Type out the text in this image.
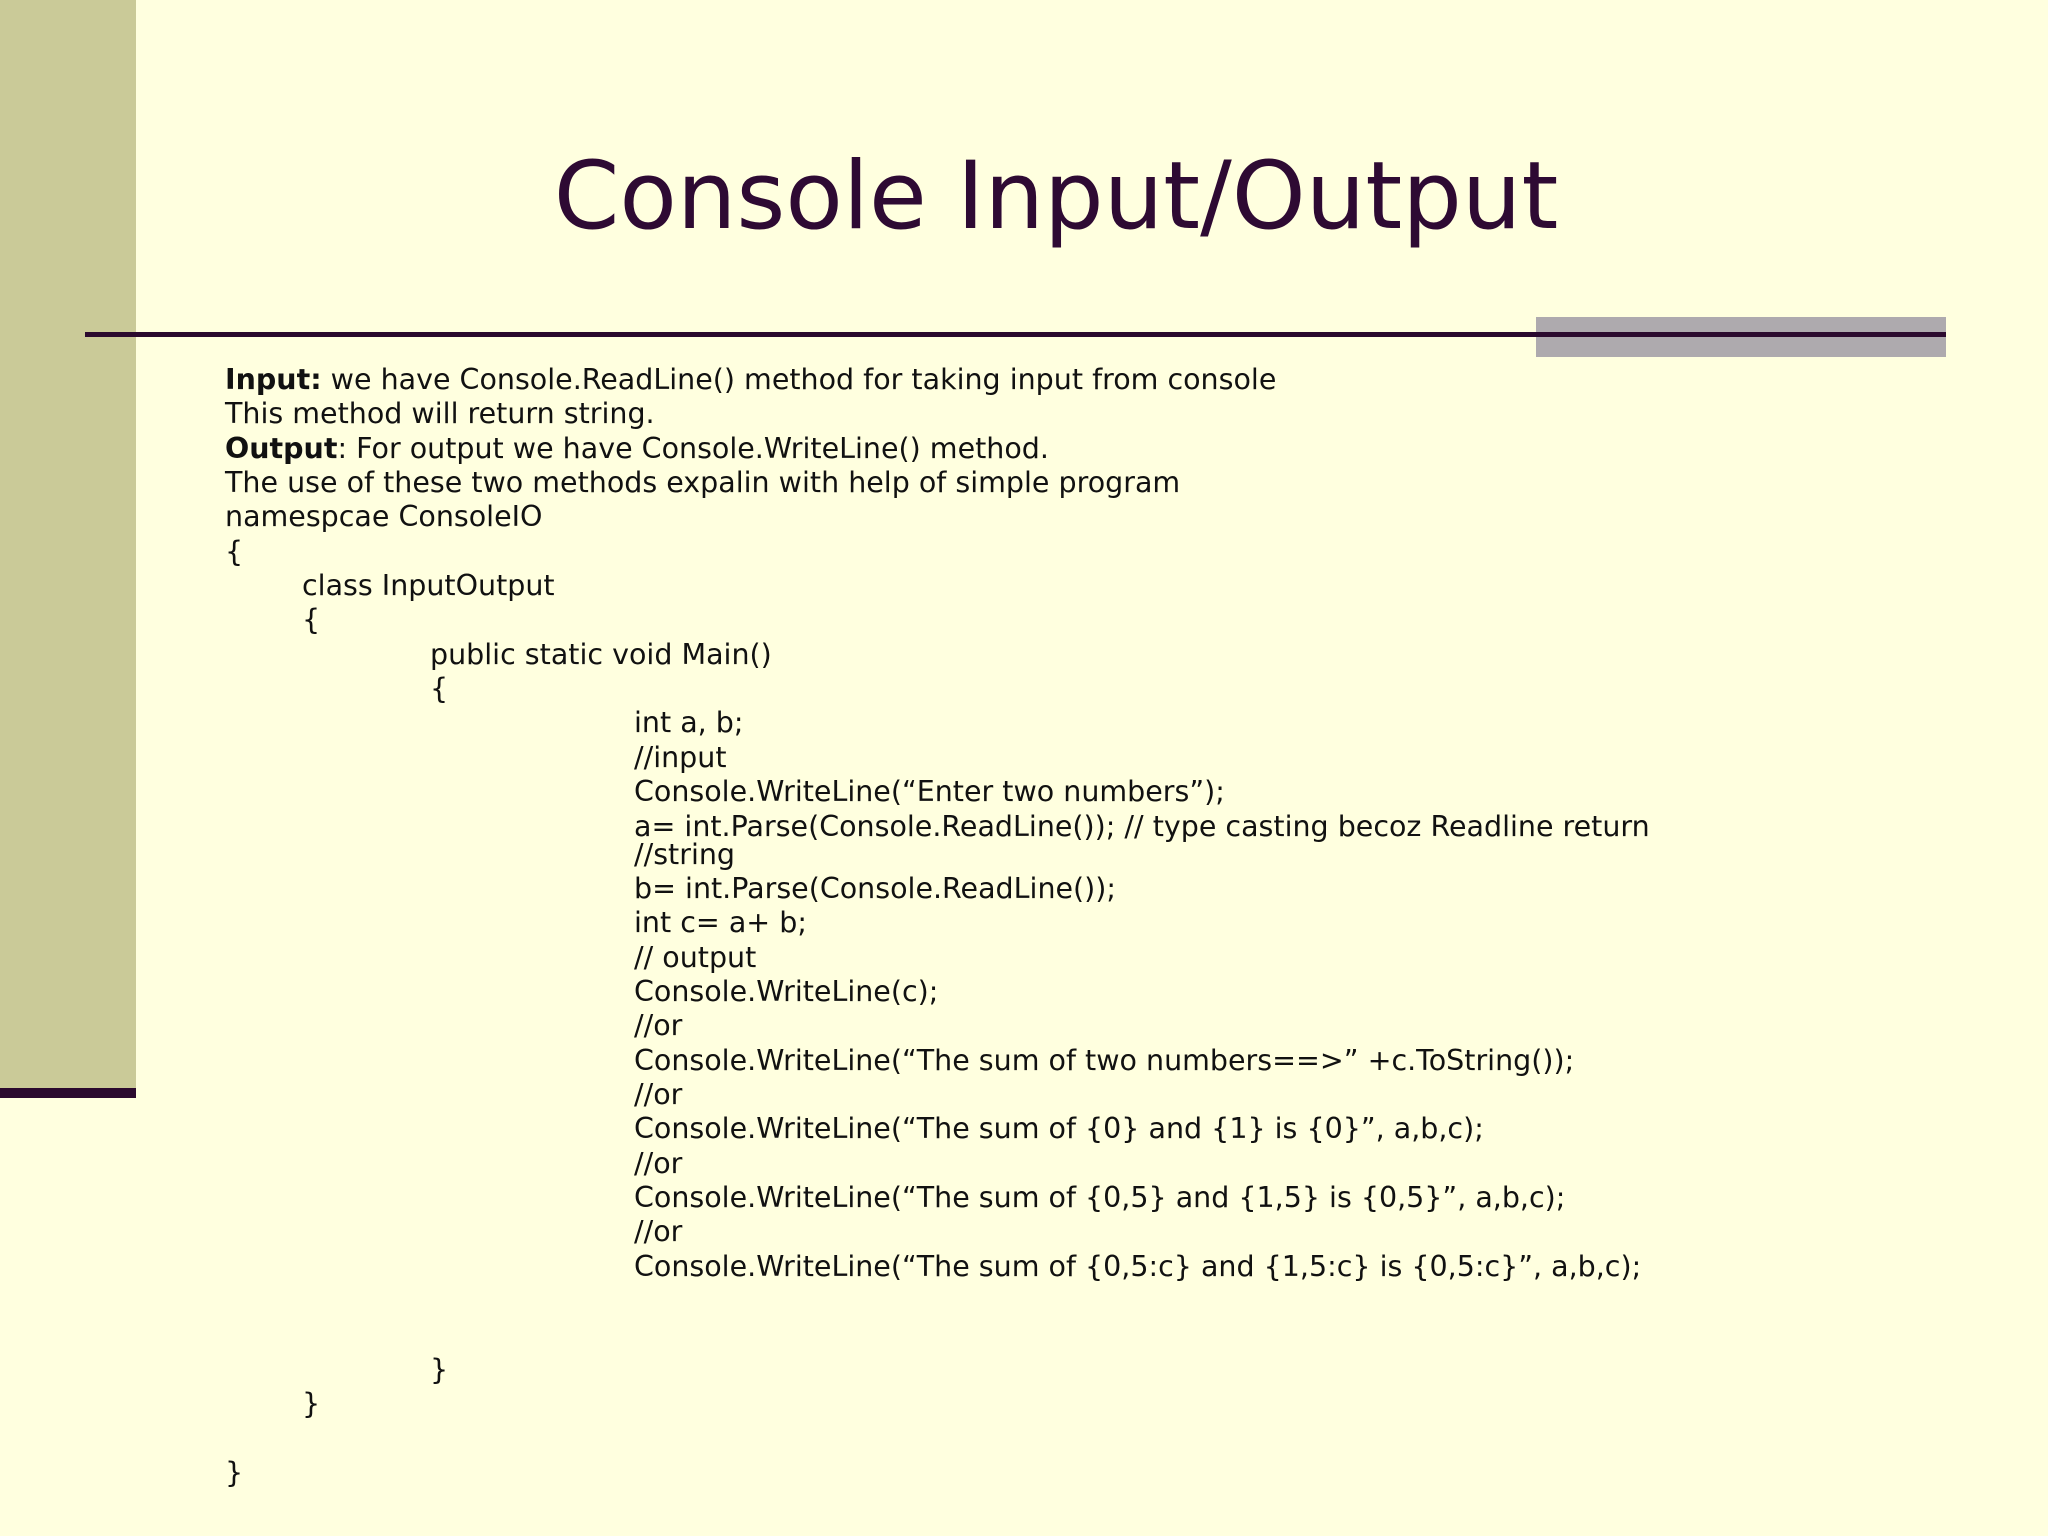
Console Input/Output
Input: we have Console.ReadLine() method for taking input from console
This method will return string.
Output: For output we have Console.WriteLine() method.
The use of these two methods expalin with help of simple program
namespcae ConsoleIO
{
class InputOutput
{
public static void Main()
{
int a, b;
//input
Console.WriteLine(“Enter two numbers”);
a= int.Parse(Console.ReadLine()); // type casting becoz Readline return
//string
b= int.Parse(Console.ReadLine());
int c= a+ b;
// output
Console.WriteLine(c);
//or
Console.WriteLine(“The sum of two numbers==>” +c.ToString());
//or
Console.WriteLine(“The sum of {0} and {1} is {0}”, a,b,c);
//or
Console.WriteLine(“The sum of {0,5} and {1,5} is {0,5}”, a,b,c);
//or
Console.WriteLine(“The sum of {0,5:c} and {1,5:c} is {0,5:c}”, a,b,c);
}
}
}
